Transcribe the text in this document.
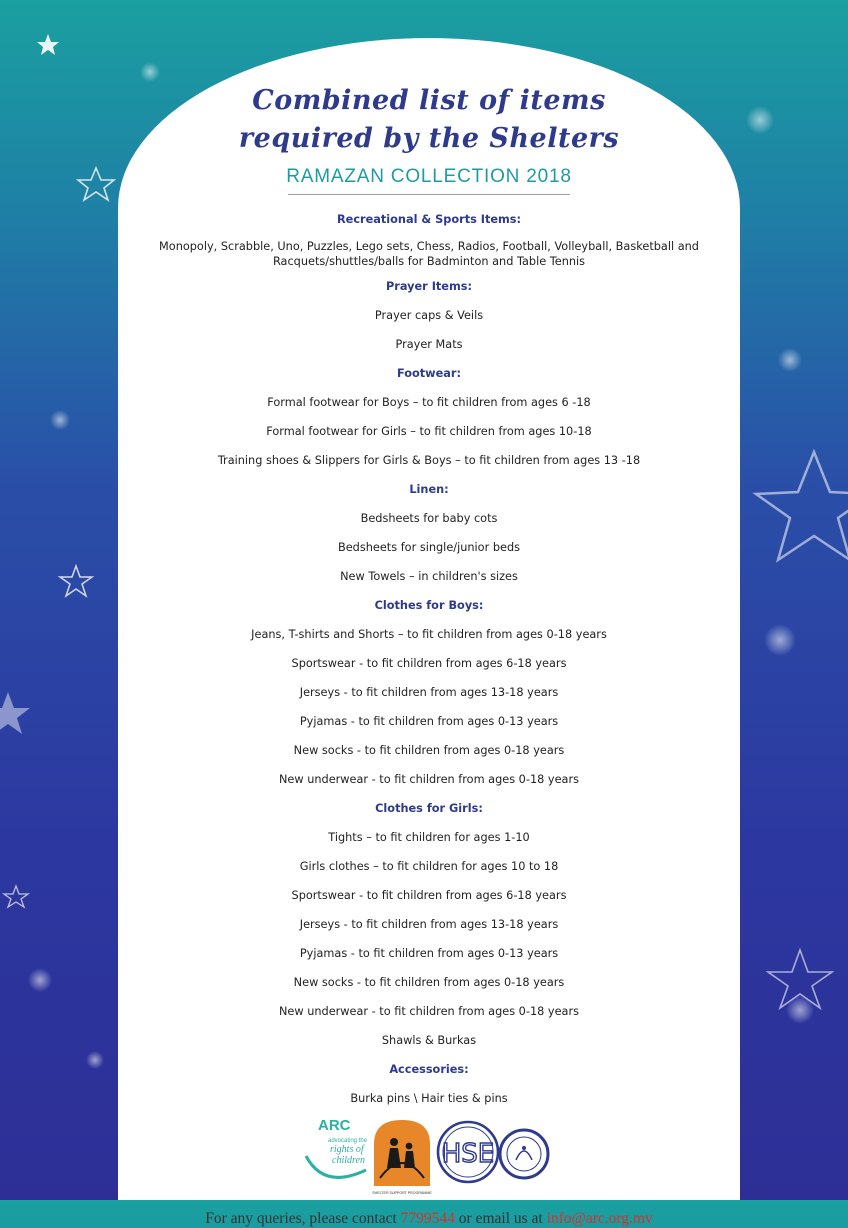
Combined list of items
required by the Shelters
RAMAZAN COLLECTION 2018
Recreational & Sports Items:
Monopoly, Scrabble, Uno, Puzzles, Lego sets, Chess, Radios, Football, Volleyball, Basketball and Racquets/shuttles/balls for Badminton and Table Tennis
Prayer Items:
Prayer caps & Veils
Prayer Mats
Footwear:
Formal footwear for Boys – to fit children from ages 6 -18
Formal footwear for Girls – to fit children from ages 10-18
Training shoes & Slippers for Girls & Boys – to fit children from ages 13 -18
Linen:
Bedsheets for baby cots
Bedsheets for single/junior beds
New Towels – in children's sizes
Clothes for Boys:
Jeans, T-shirts and Shorts – to fit children from ages 0-18 years
Sportswear - to fit children from ages 6-18 years
Jerseys - to fit children from ages 13-18 years
Pyjamas - to fit children from ages 0-13 years
New socks - to fit children from ages 0-18 years
New underwear - to fit children from ages 0-18 years
Clothes for Girls:
Tights – to fit children for ages 1-10
Girls clothes – to fit children for ages 10 to 18
Sportswear - to fit children from ages 6-18 years
Jerseys - to fit children from ages 13-18 years
Pyjamas - to fit children from ages 0-13 years
New socks - to fit children from ages 0-18 years
New underwear - to fit children from ages 0-18 years
Shawls & Burkas
Accessories:
Burka pins \ Hair ties & pins
ARC
advocating the
rights of
children
SHELTER SUPPORT PROGRAMME
HSE
For any queries, please contact 7799544 or email us at info@arc.org.mv
